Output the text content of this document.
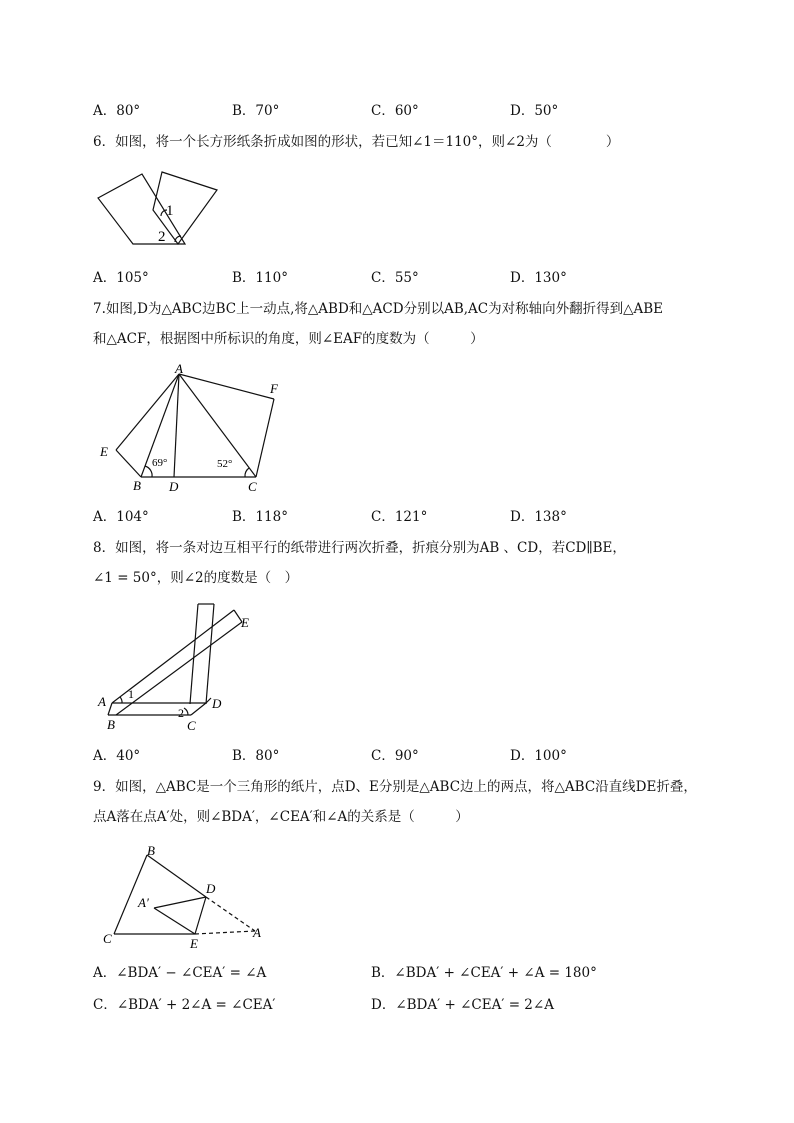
A．80°	B．70°	C．60°	D．50°
6．如图，将一个长方形纸条折成如图的形状，若已知∠1＝110°，则∠2为（　　　　）
1
2
A．105°	B．110°	C．55°	D．130°
7.如图,D为△ABC边BC上一动点,将△ABD和△ACD分别以AB,AC为对称轴向外翻折得到△ABE
和△ACF，根据图中所标识的角度，则∠EAF的度数为（　　　）
A
E
B D	C
F
69°	52°
A．104°	B．118°	C．121°	D．138°
8．如图，将一条对边互相平行的纸带进行两次折叠，折痕分别为AB 、CD，若CD∥BE，
∠1 = 50°，则∠2的度数是（　）
A
B	C
D
E
1
2
A．40°	B．80°	C．90°	D．100°
9．如图，△ABC是一个三角形的纸片，点D、E分别是△ABC边上的两点，将△ABC沿直线DE折叠，
点A落在点A′处，则∠BDA′，∠CEA′和∠A的关系是（　　　）
B
C
D
E
A
A′
A．∠BDA′ − ∠CEA′ = ∠A	B．∠BDA′ + ∠CEA′ + ∠A = 180°
C．∠BDA′ + 2∠A = ∠CEA′	D．∠BDA′ + ∠CEA′ = 2∠A
